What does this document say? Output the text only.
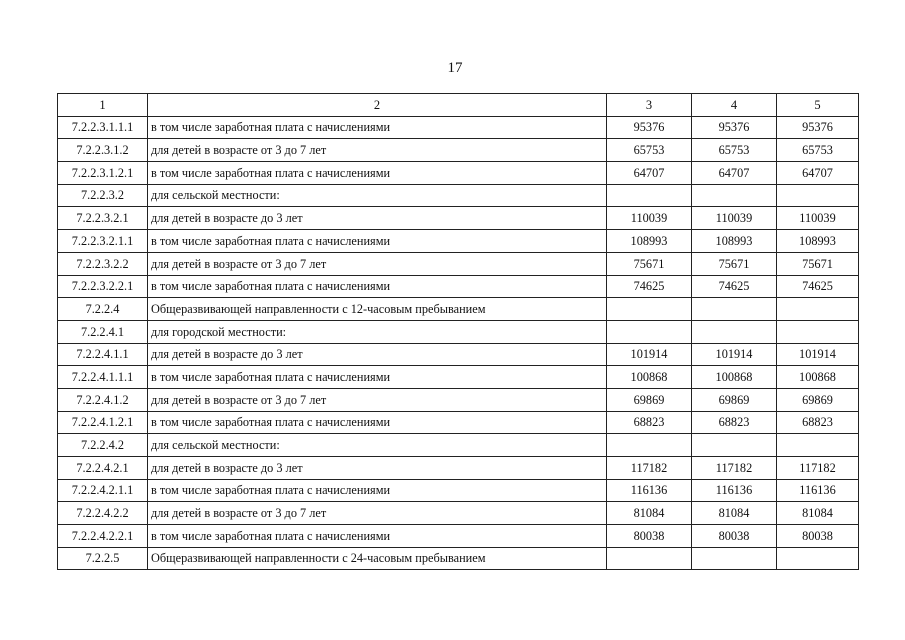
17
1	2	3	4	5
7.2.2.3.1.1.1	в том числе заработная плата с начислениями	95376	95376	95376
7.2.2.3.1.2	для детей в возрасте от 3 до 7 лет	65753	65753	65753
7.2.2.3.1.2.1	в том числе заработная плата с начислениями	64707	64707	64707
7.2.2.3.2	для сельской местности:			
7.2.2.3.2.1	для детей в возрасте до 3 лет	110039	110039	110039
7.2.2.3.2.1.1	в том числе заработная плата с начислениями	108993	108993	108993
7.2.2.3.2.2	для детей в возрасте от 3 до 7 лет	75671	75671	75671
7.2.2.3.2.2.1	в том числе заработная плата с начислениями	74625	74625	74625
7.2.2.4	Общеразвивающей направленности с 12-часовым пребыванием			
7.2.2.4.1	для городской местности:			
7.2.2.4.1.1	для детей в возрасте до 3 лет	101914	101914	101914
7.2.2.4.1.1.1	в том числе заработная плата с начислениями	100868	100868	100868
7.2.2.4.1.2	для детей в возрасте от 3 до 7 лет	69869	69869	69869
7.2.2.4.1.2.1	в том числе заработная плата с начислениями	68823	68823	68823
7.2.2.4.2	для сельской местности:			
7.2.2.4.2.1	для детей в возрасте до 3 лет	117182	117182	117182
7.2.2.4.2.1.1	в том числе заработная плата с начислениями	116136	116136	116136
7.2.2.4.2.2	для детей в возрасте от 3 до 7 лет	81084	81084	81084
7.2.2.4.2.2.1	в том числе заработная плата с начислениями	80038	80038	80038
7.2.2.5	Общеразвивающей направленности с 24-часовым пребыванием			
